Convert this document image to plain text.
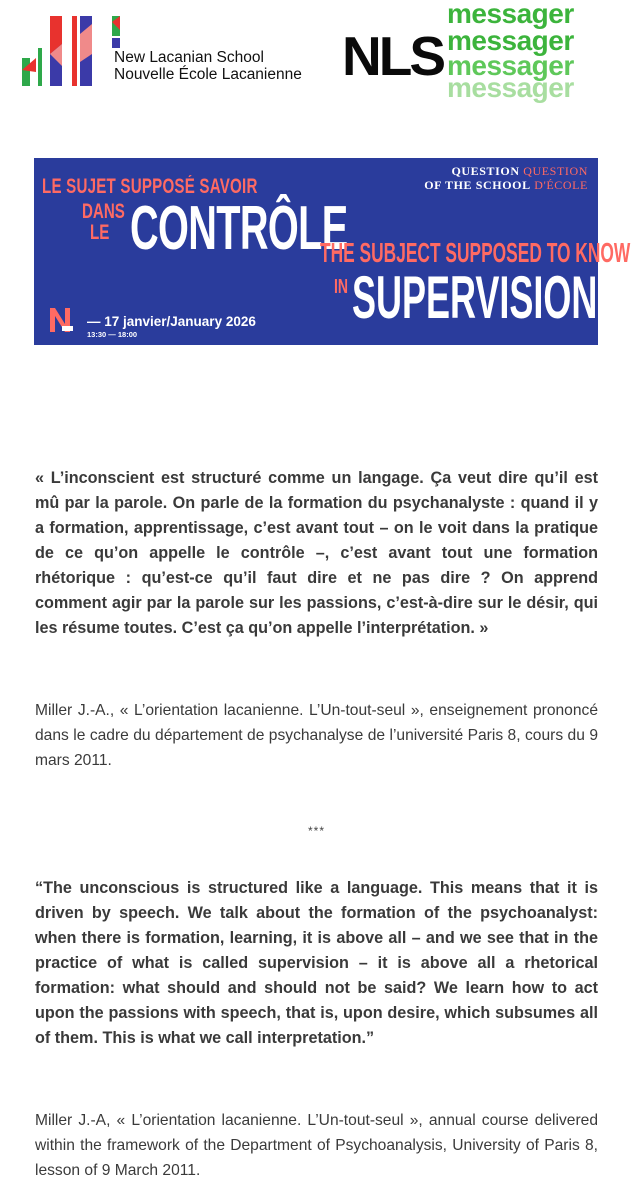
New Lacanian School
Nouvelle École Lacanienne NLS
messager
messager
messager
messager
LE SUJET SUPPOSÉ SAVOIR
DANS
LE CONTRÔLE
QUESTION QUESTION
OF THE SCHOOL D'ÉCOLE
THE SUBJECT SUPPOSED TO KNOW
IN SUPERVISION
— 17 janvier/January 2026
13:30 — 18:00
« L’inconscient est structuré comme un langage. Ça veut dire qu’il est mû par la parole. On parle de la formation du psychanalyste : quand il y a formation, apprentissage, c’est avant tout – on le voit dans la pratique de ce qu’on appelle le contrôle –, c’est avant tout une formation rhétorique : qu’est-ce qu’il faut dire et ne pas dire ? On apprend comment agir par la parole sur les passions, c’est-à-dire sur le désir, qui les résume toutes. C’est ça qu’on appelle l’interprétation. »
Miller J.-A., « L’orientation lacanienne. L’Un-tout-seul », enseignement prononcé dans le cadre du département de psychanalyse de l’université Paris 8, cours du 9 mars 2011.
***
“The unconscious is structured like a language. This means that it is driven by speech. We talk about the formation of the psychoanalyst: when there is formation, learning, it is above all – and we see that in the practice of what is called supervision – it is above all a rhetorical formation: what should and should not be said? We learn how to act upon the passions with speech, that is, upon desire, which subsumes all of them. This is what we call interpretation.”
Miller J.-A, « L’orientation lacanienne. L’Un-tout-seul », annual course delivered within the framework of the Department of Psychoanalysis, University of Paris 8, lesson of 9 March 2011.
